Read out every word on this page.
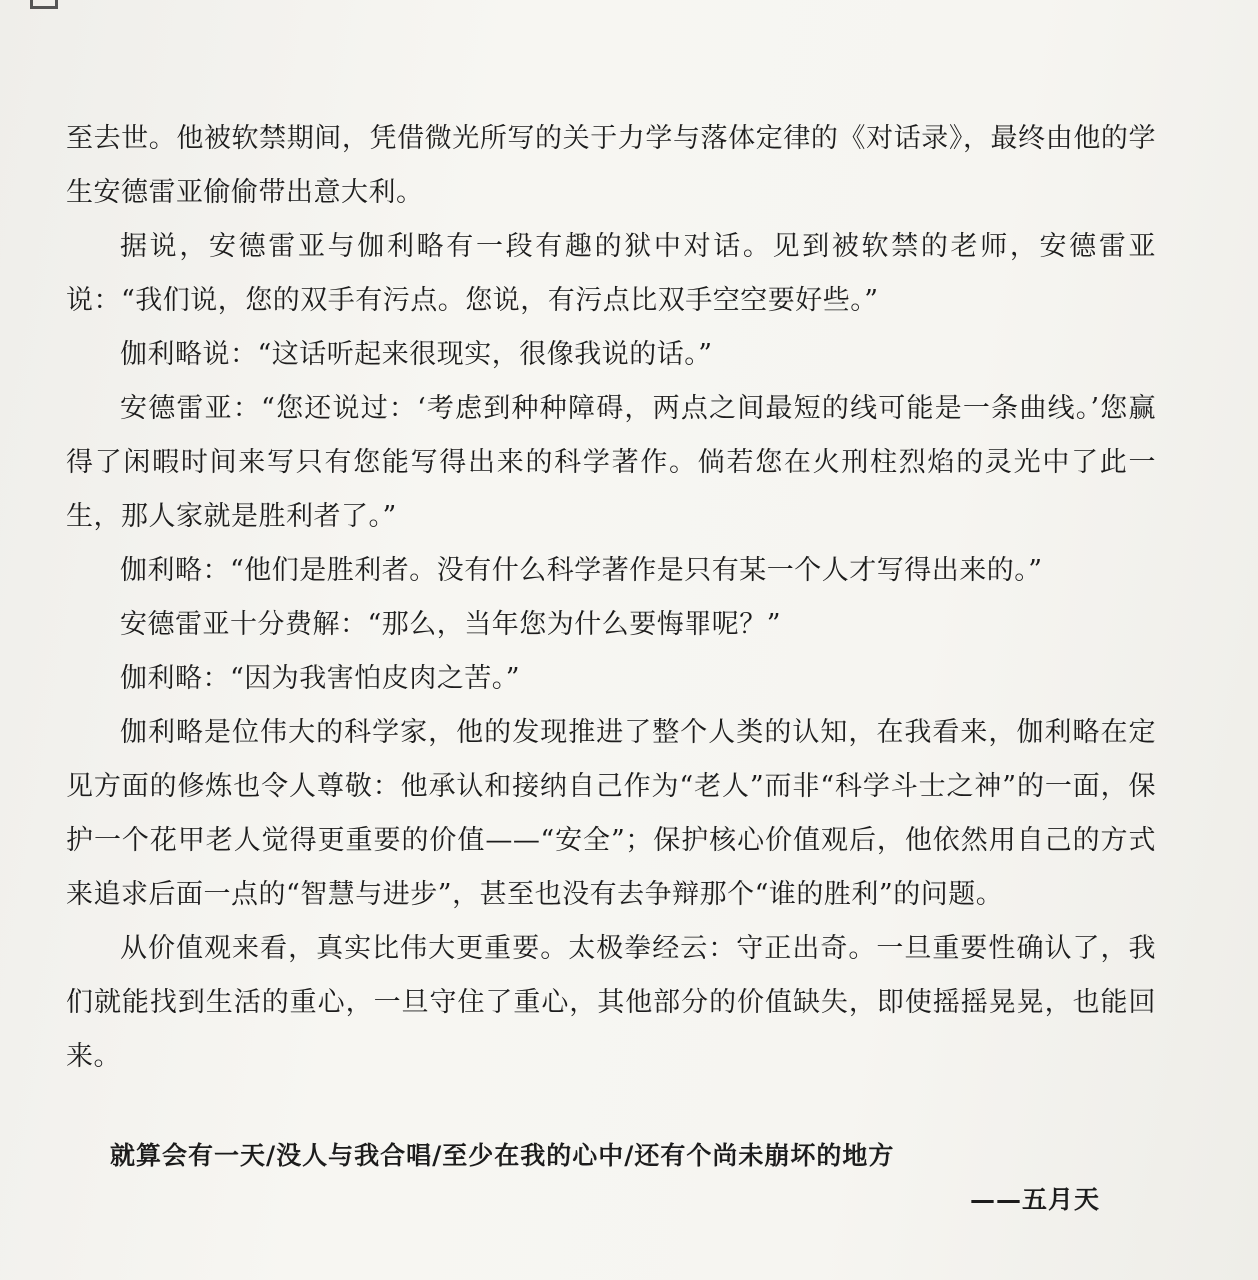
至去世。他被软禁期间，凭借微光所写的关于力学与落体定律的《对话录》，最终由他的学生安德雷亚偷偷带出意大利。

据说，安德雷亚与伽利略有一段有趣的狱中对话。见到被软禁的老师，安德雷亚说：“我们说，您的双手有污点。您说，有污点比双手空空要好些。”

伽利略说：“这话听起来很现实，很像我说的话。”

安德雷亚：“您还说过：‘考虑到种种障碍，两点之间最短的线可能是一条曲线。’您赢得了闲暇时间来写只有您能写得出来的科学著作。倘若您在火刑柱烈焰的灵光中了此一生，那人家就是胜利者了。”

伽利略：“他们是胜利者。没有什么科学著作是只有某一个人才写得出来的。”

安德雷亚十分费解：“那么，当年您为什么要悔罪呢？”

伽利略：“因为我害怕皮肉之苦。”

伽利略是位伟大的科学家，他的发现推进了整个人类的认知，在我看来，伽利略在定见方面的修炼也令人尊敬：他承认和接纳自己作为“老人”而非“科学斗士之神”的一面，保护一个花甲老人觉得更重要的价值——“安全”；保护核心价值观后，他依然用自己的方式来追求后面一点的“智慧与进步”，甚至也没有去争辩那个“谁的胜利”的问题。

从价值观来看，真实比伟大更重要。太极拳经云：守正出奇。一旦重要性确认了，我们就能找到生活的重心，一旦守住了重心，其他部分的价值缺失，即使摇摇晃晃，也能回来。

就算会有一天/没人与我合唱/至少在我的心中/还有个尚未崩坏的地方
——五月天
